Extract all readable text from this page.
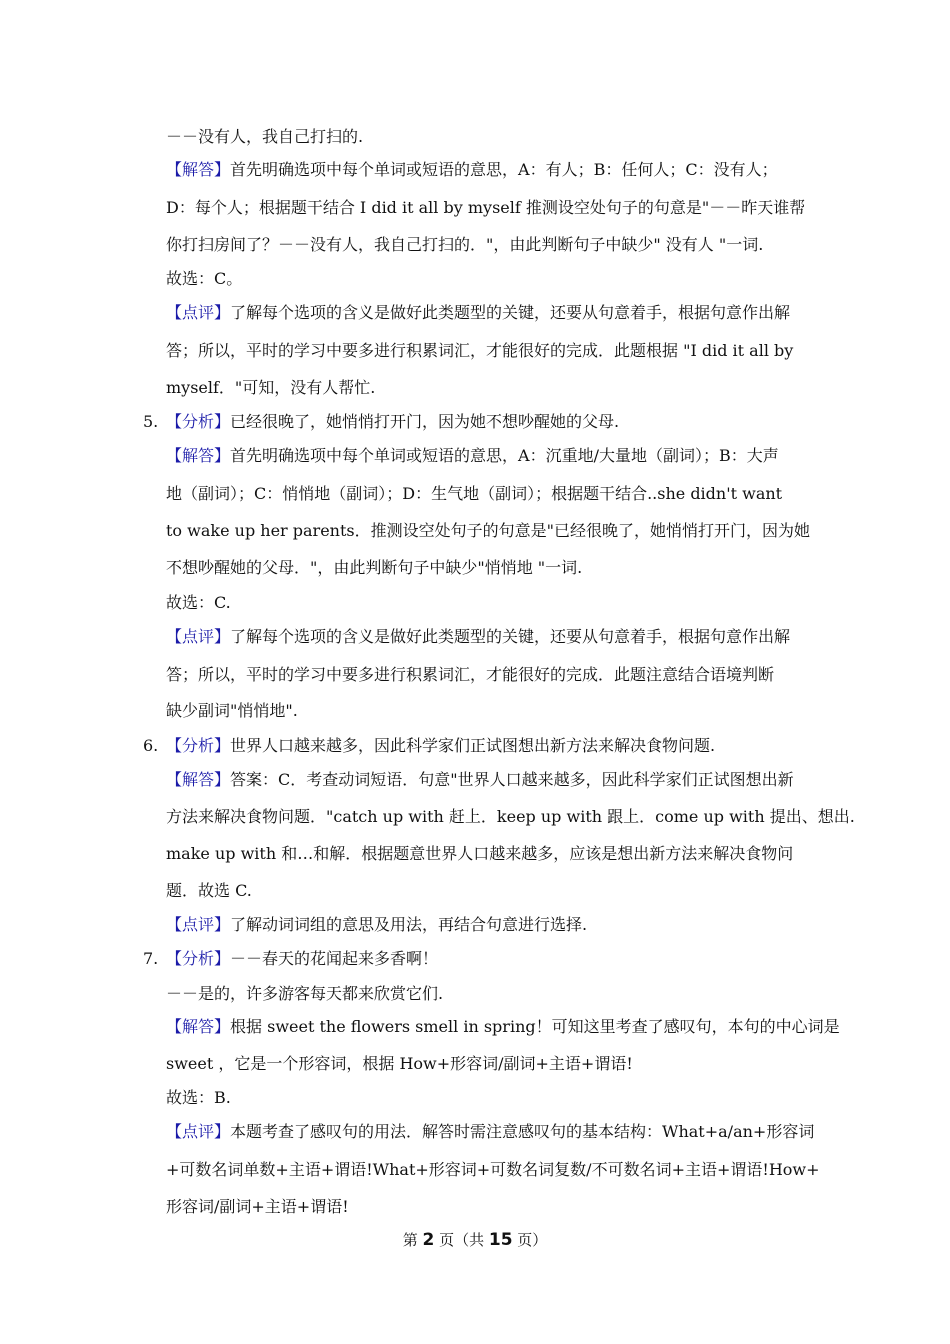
－－没有人，我自己打扫的.
【解答】首先明确选项中每个单词或短语的意思，A：有人；B：任何人；C：没有人；
D：每个人；根据题干结合 I did it all by myself 推测设空处句子的句意是"－－昨天谁帮
你打扫房间了？－－没有人，我自己打扫的．"，由此判断句子中缺少" 没有人 "一词.
故选：C。
【点评】了解每个选项的含义是做好此类题型的关键，还要从句意着手，根据句意作出解
答；所以，平时的学习中要多进行积累词汇，才能很好的完成．此题根据 "I did it all by
myself．"可知，没有人帮忙.
5. 【分析】已经很晚了，她悄悄打开门，因为她不想吵醒她的父母.
【解答】首先明确选项中每个单词或短语的意思，A：沉重地/大量地（副词）；B：大声
地（副词）；C：悄悄地（副词）；D：生气地（副词）；根据题干结合..she didn't want
to wake up her parents．推测设空处句子的句意是"已经很晚了，她悄悄打开门，因为她
不想吵醒她的父母．"，由此判断句子中缺少"悄悄地 "一词.
故选：C.
【点评】了解每个选项的含义是做好此类题型的关键，还要从句意着手，根据句意作出解
答；所以，平时的学习中要多进行积累词汇，才能很好的完成．此题注意结合语境判断
缺少副词"悄悄地".
6. 【分析】世界人口越来越多，因此科学家们正试图想出新方法来解决食物问题.
【解答】答案：C．考查动词短语．句意"世界人口越来越多，因此科学家们正试图想出新
方法来解决食物问题．"catch up with 赶上．keep up with 跟上．come up with 提出、想出.
make up with 和…和解．根据题意世界人口越来越多，应该是想出新方法来解决食物问
题．故选 C.
【点评】了解动词词组的意思及用法，再结合句意进行选择.
7. 【分析】－－春天的花闻起来多香啊！
－－是的，许多游客每天都来欣赏它们.
【解答】根据 sweet the flowers smell in spring！可知这里考查了感叹句，本句的中心词是
sweet ，它是一个形容词，根据 How+形容词/副词+主语+谓语!
故选：B.
【点评】本题考查了感叹句的用法．解答时需注意感叹句的基本结构：What+a/an+形容词
+可数名词单数+主语+谓语!What+形容词+可数名词复数/不可数名词+主语+谓语!How+
形容词/副词+主语+谓语!
第 2 页（共 15 页）
